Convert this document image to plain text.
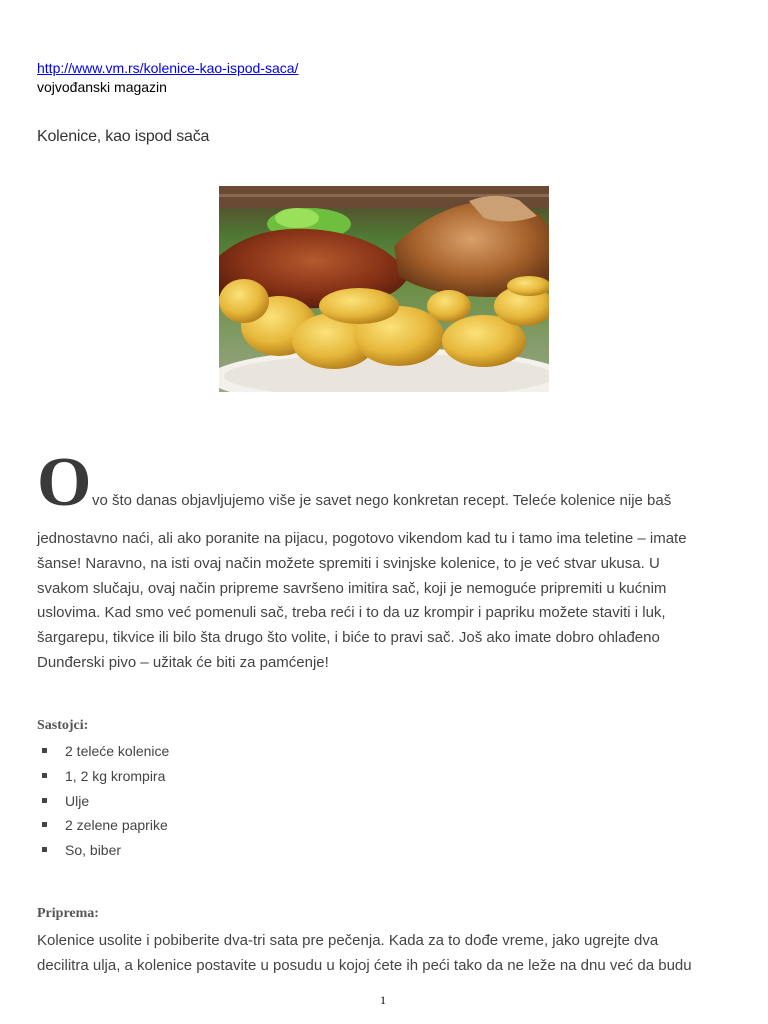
http://www.vm.rs/kolenice-kao-ispod-saca/
vojvođanski magazin
Kolenice, kao ispod sača
O vo što danas objavljujemo više je savet nego konkretan recept. Teleće kolenice nije baš
jednostavno naći, ali ako poranite na pijacu, pogotovo vikendom kad tu i tamo ima teletine – imate
šanse! Naravno, na isti ovaj način možete spremiti i svinjske kolenice, to je već stvar ukusa. U
svakom slučaju, ovaj način pripreme savršeno imitira sač, koji je nemoguće pripremiti u kućnim
uslovima. Kad smo već pomenuli sač, treba reći i to da uz krompir i papriku možete staviti i luk,
šargarepu, tikvice ili bilo šta drugo što volite, i biće to pravi sač. Još ako imate dobro ohlađeno
Dunđerski pivo – užitak će biti za pamćenje!
Sastojci:
2 teleće kolenice
1, 2 kg krompira
Ulje
2 zelene paprike
So, biber
Priprema:
Kolenice usolite i pobiberite dva-tri sata pre pečenja. Kada za to dođe vreme, jako ugrejte dva
decilitra ulja, a kolenice postavite u posudu u kojoj ćete ih peći tako da ne leže na dnu već da budu
1
